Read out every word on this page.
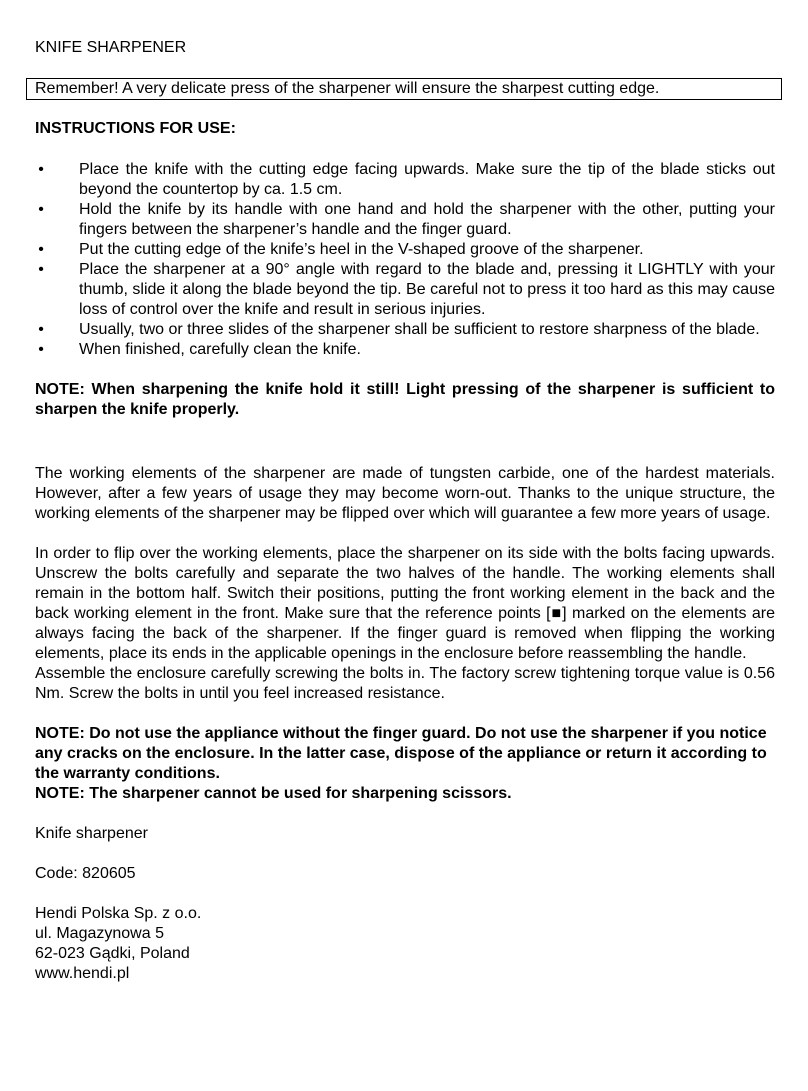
KNIFE SHARPENER
Remember! A very delicate press of the sharpener will ensure the sharpest cutting edge.
INSTRUCTIONS FOR USE:
• Place the knife with the cutting edge facing upwards. Make sure the tip of the blade sticks out beyond the countertop by ca. 1.5 cm.
• Hold the knife by its handle with one hand and hold the sharpener with the other, putting your fingers between the sharpener’s handle and the finger guard.
• Put the cutting edge of the knife’s heel in the V-shaped groove of the sharpener.
• Place the sharpener at a 90° angle with regard to the blade and, pressing it LIGHTLY with your thumb, slide it along the blade beyond the tip. Be careful not to press it too hard as this may cause loss of control over the knife and result in serious injuries.
• Usually, two or three slides of the sharpener shall be sufficient to restore sharpness of the blade.
• When finished, carefully clean the knife.
NOTE: When sharpening the knife hold it still! Light pressing of the sharpener is sufficient to sharpen the knife properly.
The working elements of the sharpener are made of tungsten carbide, one of the hardest materials. However, after a few years of usage they may become worn-out. Thanks to the unique structure, the working elements of the sharpener may be flipped over which will guarantee a few more years of usage.
In order to flip over the working elements, place the sharpener on its side with the bolts facing upwards. Unscrew the bolts carefully and separate the two halves of the handle. The working elements shall remain in the bottom half. Switch their positions, putting the front working element in the back and the back working element in the front. Make sure that the reference points [■] marked on the elements are always facing the back of the sharpener. If the finger guard is removed when flipping the working elements, place its ends in the applicable openings in the enclosure before reassembling the handle.
Assemble the enclosure carefully screwing the bolts in. The factory screw tightening torque value is 0.56 Nm. Screw the bolts in until you feel increased resistance.
NOTE: Do not use the appliance without the finger guard. Do not use the sharpener if you notice any cracks on the enclosure. In the latter case, dispose of the appliance or return it according to the warranty conditions.
NOTE: The sharpener cannot be used for sharpening scissors.
Knife sharpener
Code: 820605
Hendi Polska Sp. z o.o.
ul. Magazynowa 5
62-023 Gądki, Poland
www.hendi.pl
